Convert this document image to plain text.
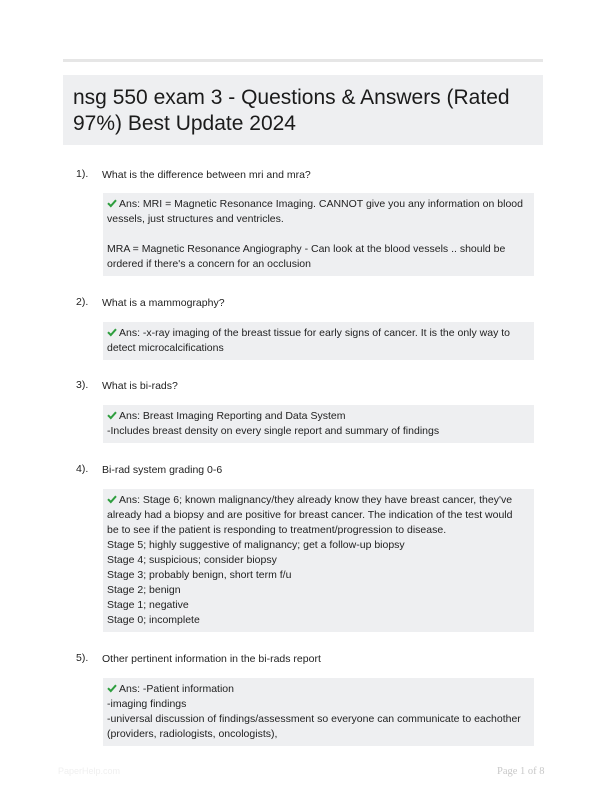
nsg 550 exam 3 - Questions & Answers (Rated
97%) Best Update 2024
1). What is the difference between mri and mra?
Ans: MRI = Magnetic Resonance Imaging. CANNOT give you any information on blood
vessels, just structures and ventricles.
MRA = Magnetic Resonance Angiography - Can look at the blood vessels .. should be
ordered if there's a concern for an occlusion
2). What is a mammography?
Ans: -x-ray imaging of the breast tissue for early signs of cancer. It is the only way to
detect microcalcifications
3). What is bi-rads?
Ans: Breast Imaging Reporting and Data System
-Includes breast density on every single report and summary of findings
4). Bi-rad system grading 0-6
Ans: Stage 6; known malignancy/they already know they have breast cancer, they've
already had a biopsy and are positive for breast cancer. The indication of the test would
be to see if the patient is responding to treatment/progression to disease.
Stage 5; highly suggestive of malignancy; get a follow-up biopsy
Stage 4; suspicious; consider biopsy
Stage 3; probably benign, short term f/u
Stage 2; benign
Stage 1; negative
Stage 0; incomplete
5). Other pertinent information in the bi-rads report
Ans: -Patient information
-imaging findings
-universal discussion of findings/assessment so everyone can communicate to eachother
(providers, radiologists, oncologists),
PaperHelp.com	Page 1 of 8
